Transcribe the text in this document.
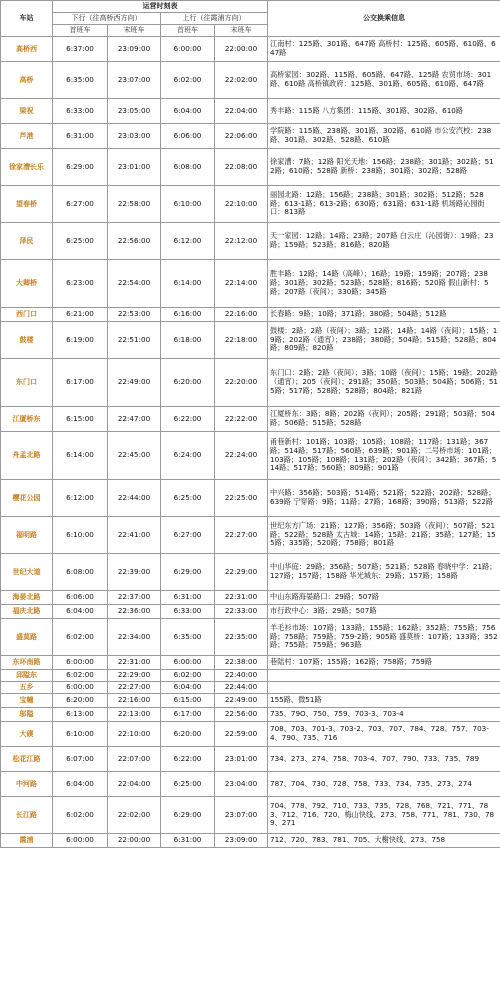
车站	运营时刻表				公交换乘信息
	下行（往高桥西方向）		上行（往霞浦方向）		
	首班车	末班车	首班车	末班车	
高桥西	6:37:00	23:09:00	6:00:00	22:00:00	江南村：125路、301路、647路 高桥村：125路、605路、610路、647路
高桥	6:35:00	23:07:00	6:02:00	22:02:00	高桥家园：302路、115路、605路、647路、125路 农贸市场：301路、610路 高桥镇政府：125路、301路、605路、610路、647路
梁祝	6:33:00	23:05:00	6:04:00	22:04:00	秀丰路：115路 八方集团：115路、301路、302路、610路
芦港	6:31:00	23:03:00	6:06:00	22:06:00	学院路：115路、238路、301路、302路、610路 市公安汽校：238路、301路、302路、528路、610路
徐家漕长乐	6:29:00	23:01:00	6:08:00	22:08:00	徐家漕：7路；12路 阳光天地：156路；238路；301路；302路；512路；610路；528路 新桥：238路；301路；302路；528路
望春桥	6:27:00	22:58:00	6:10:00	22:10:00	丽园北路：12路；156路；238路；301路；302路；512路；528路；613-1路；613-2路；630路；631路；631-1路 机场路沁园街口：813路
泽民	6:25:00	22:56:00	6:12:00	22:12:00	天一家园：12路；14路；23路；207路 白云庄（沁园街）：19路；23路；159路；523路；816路；820路
大卿桥	6:23:00	22:54:00	6:14:00	22:14:00	胜丰路：12路；14路（高峰）；16路；19路；159路；207路；238路；301路；302路；523路；528路；816路；520路 假山新村：5路；207路（夜间）；330路；345路
西门口	6:21:00	22:53:00	6:16:00	22:16:00	长春路：9路；10路；371路；380路；504路；512路
鼓楼	6:19:00	22:51:00	6:18:00	22:18:00	鼓楼：2路；2路（夜间）；3路；12路；14路；14路（夜间）；15路；19路；202路（通宵）；238路；380路；504路；515路；528路；804路；809路；820路
东门口	6:17:00	22:49:00	6:20:00	22:20:00	东门口：2路；2路（夜间）；3路；10路（夜间）；15路；19路；202路（通宵）；205（夜间）；291路；350路；503路；504路；506路；515路；517路；528路；528路；804路；821路
江厦桥东	6:15:00	22:47:00	6:22:00	22:22:00	江厦桥东：3路；8路；202路（夜间）；205路；291路；503路；504路；506路；515路；528路
舟孟北路	6:14:00	22:45:00	6:24:00	22:24:00	甬巷新村：101路；103路；105路；108路；117路；131路；367路；514路；517路；560路；639路；901路；二号桥市场：101路；103路；105路；108路；131路；202路（夜间）；342路；367路；514路；517路；560路；809路；901路
樱花公园	6:12:00	22:44:00	6:25:00	22:25:00	中兴路：356路；503路；514路；521路；522路；202路；528路；639路 宁穿路：9路；11路；27路；168路；390路；513路；522路
福明路	6:10:00	22:41:00	6:27:00	22:27:00	世纪东方广场：21路；127路；356路；503路（夜间）；507路；521路；522路；528路 太古城：14路；15路；21路；35路；127路；155路；335路；520路；758路；801路
世纪大道	6:08:00	22:39:00	6:29:00	22:29:00	中山华庭：29路；356路；507路；521路；528路 春晓中学：21路；127路；157路；158路 华光城东：29路；157路；158路
海晏北路	6:06:00	22:37:00	6:31:00	22:31:00	中山东路海晏路口：29路；507路
福庆北路	6:04:00	22:36:00	6:33:00	22:33:00	市行政中心：3路；29路；507路
盛莫路	6:02:00	22:34:00	6:35:00	22:35:00	羊毛衫市场：107路；133路；155路；162路；352路；755路；756路；758路；759路；759-2路；905路 盛莫桥：107路；133路；352路；755路；759路；963路
东环南路	6:00:00	22:31:00	6:00:00	22:38:00	巷陆村：107路；155路；162路；758路；759路
邱隘东	6:02:00	22:29:00	6:02:00	22:40:00	
五乡	6:00:00	22:27:00	6:04:00	22:44:00	
宝幢	6:20:00	22:16:00	6:15:00	22:49:00	155路、微51路
邬隘	6:13:00	22:13:00	6:17:00	22:56:00	735、79O、750、759、703-3、703-4
大碶	6:10:00	22:10:00	6:20:00	22:59:00	708、703、701-3、703-2、703、707、784、728、757、703-4、790、735、716
松花江路	6:07:00	22:07:00	6:22:00	23:01:00	734、273、274、758、703-4、707、790、733、735、789
中河路	6:04:00	22:04:00	6:25:00	23:04:00	787、704、730、728、758、733、734、735、273、274
长江路	6:02:00	22:02:00	6:29:00	23:07:00	704、778、792、710、733、735、728、768、721、771、783、712、716、720、梅山快线、273、758、771、781、730、789、271
霞浦	6:00:00	22:00:00	6:31:00	23:09:00	712、720、783、781、705、大榭快线、273、758
